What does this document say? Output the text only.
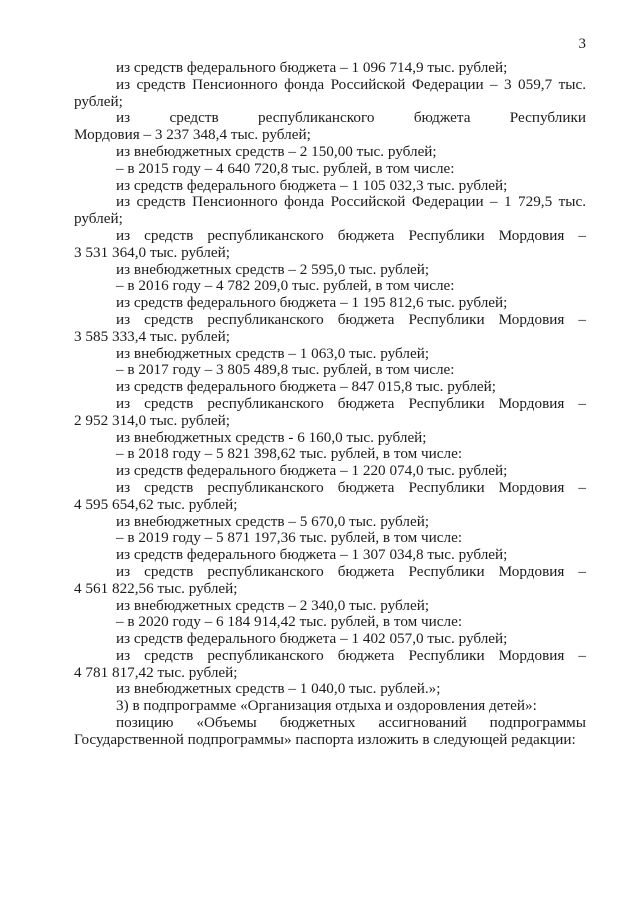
3
из средств федерального бюджета – 1 096 714,9 тыс. рублей;
из средств Пенсионного фонда Российской Федерации – 3 059,7 тыс.
рублей;
из средств республиканского бюджета Республики
Мордовия – 3 237 348,4 тыс. рублей;
из внебюджетных средств – 2 150,00 тыс. рублей;
– в 2015 году – 4 640 720,8 тыс. рублей, в том числе:
из средств федерального бюджета – 1 105 032,3 тыс. рублей;
из средств Пенсионного фонда Российской Федерации – 1 729,5 тыс.
рублей;
из средств республиканского бюджета Республики Мордовия –
3 531 364,0 тыс. рублей;
из внебюджетных средств – 2 595,0 тыс. рублей;
– в 2016 году – 4 782 209,0 тыс. рублей, в том числе:
из средств федерального бюджета – 1 195 812,6 тыс. рублей;
из средств республиканского бюджета Республики Мордовия –
3 585 333,4 тыс. рублей;
из внебюджетных средств – 1 063,0 тыс. рублей;
– в 2017 году – 3 805 489,8 тыс. рублей, в том числе:
из средств федерального бюджета – 847 015,8 тыс. рублей;
из средств республиканского бюджета Республики Мордовия –
2 952 314,0 тыс. рублей;
из внебюджетных средств - 6 160,0 тыс. рублей;
– в 2018 году – 5 821 398,62 тыс. рублей, в том числе:
из средств федерального бюджета – 1 220 074,0 тыс. рублей;
из средств республиканского бюджета Республики Мордовия –
4 595 654,62 тыс. рублей;
из внебюджетных средств – 5 670,0 тыс. рублей;
– в 2019 году – 5 871 197,36 тыс. рублей, в том числе:
из средств федерального бюджета – 1 307 034,8 тыс. рублей;
из средств республиканского бюджета Республики Мордовия –
4 561 822,56 тыс. рублей;
из внебюджетных средств – 2 340,0 тыс. рублей;
– в 2020 году – 6 184 914,42 тыс. рублей, в том числе:
из средств федерального бюджета – 1 402 057,0 тыс. рублей;
из средств республиканского бюджета Республики Мордовия –
4 781 817,42 тыс. рублей;
из внебюджетных средств – 1 040,0 тыс. рублей.»;
3) в подпрограмме «Организация отдыха и оздоровления детей»:
позицию «Объемы бюджетных ассигнований подпрограммы
Государственной подпрограммы» паспорта изложить в следующей редакции:
